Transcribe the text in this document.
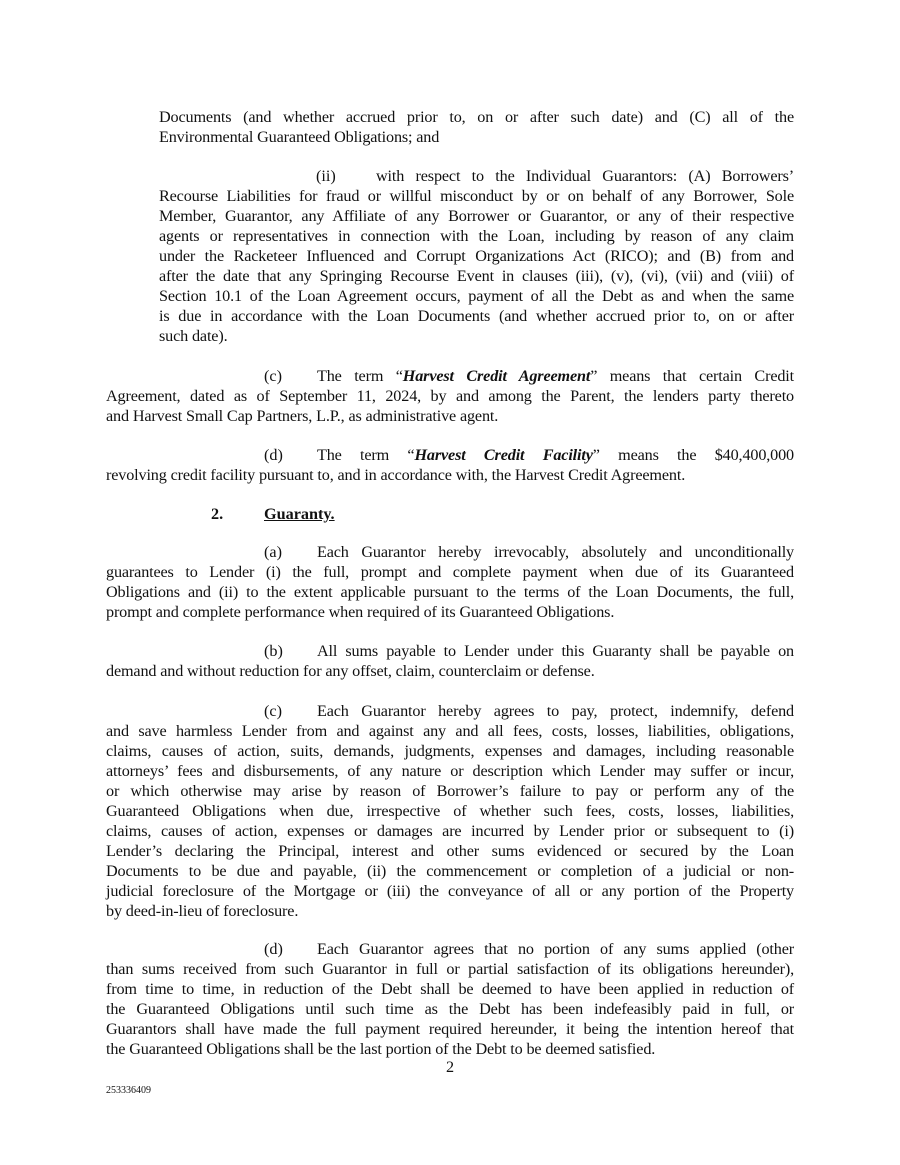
Documents (and whether accrued prior to, on or after such date) and (C) all of the
Environmental Guaranteed Obligations; and
(ii) with respect to the Individual Guarantors: (A) Borrowers’
Recourse Liabilities for fraud or willful misconduct by or on behalf of any Borrower, Sole
Member, Guarantor, any Affiliate of any Borrower or Guarantor, or any of their respective
agents or representatives in connection with the Loan, including by reason of any claim
under the Racketeer Influenced and Corrupt Organizations Act (RICO); and (B) from and
after the date that any Springing Recourse Event in clauses (iii), (v), (vi), (vii) and (viii) of
Section 10.1 of the Loan Agreement occurs, payment of all the Debt as and when the same
is due in accordance with the Loan Documents (and whether accrued prior to, on or after
such date).
(c) The term “Harvest Credit Agreement” means that certain Credit
Agreement, dated as of September 11, 2024, by and among the Parent, the lenders party thereto
and Harvest Small Cap Partners, L.P., as administrative agent.
(d) The term “Harvest Credit Facility” means the $40,400,000
revolving credit facility pursuant to, and in accordance with, the Harvest Credit Agreement.
2.	Guaranty.
(a) Each Guarantor hereby irrevocably, absolutely and unconditionally
guarantees to Lender (i) the full, prompt and complete payment when due of its Guaranteed
Obligations and (ii) to the extent applicable pursuant to the terms of the Loan Documents, the full,
prompt and complete performance when required of its Guaranteed Obligations.
(b) All sums payable to Lender under this Guaranty shall be payable on
demand and without reduction for any offset, claim, counterclaim or defense.
(c) Each Guarantor hereby agrees to pay, protect, indemnify, defend
and save harmless Lender from and against any and all fees, costs, losses, liabilities, obligations,
claims, causes of action, suits, demands, judgments, expenses and damages, including reasonable
attorneys’ fees and disbursements, of any nature or description which Lender may suffer or incur,
or which otherwise may arise by reason of Borrower’s failure to pay or perform any of the
Guaranteed Obligations when due, irrespective of whether such fees, costs, losses, liabilities,
claims, causes of action, expenses or damages are incurred by Lender prior or subsequent to (i)
Lender’s declaring the Principal, interest and other sums evidenced or secured by the Loan
Documents to be due and payable, (ii) the commencement or completion of a judicial or non-
judicial foreclosure of the Mortgage or (iii) the conveyance of all or any portion of the Property
by deed-in-lieu of foreclosure.
(d) Each Guarantor agrees that no portion of any sums applied (other
than sums received from such Guarantor in full or partial satisfaction of its obligations hereunder),
from time to time, in reduction of the Debt shall be deemed to have been applied in reduction of
the Guaranteed Obligations until such time as the Debt has been indefeasibly paid in full, or
Guarantors shall have made the full payment required hereunder, it being the intention hereof that
the Guaranteed Obligations shall be the last portion of the Debt to be deemed satisfied.
2
253336409
